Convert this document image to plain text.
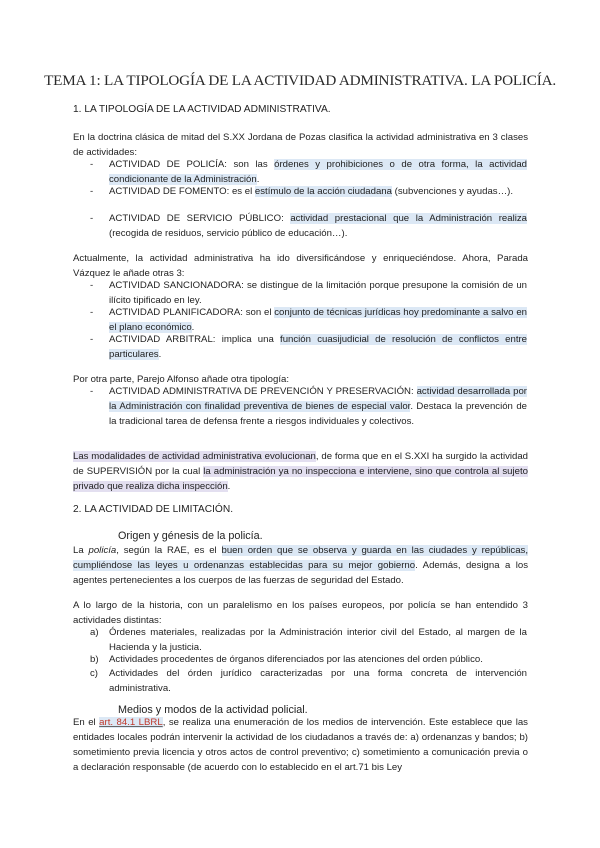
TEMA 1: LA TIPOLOGÍA DE LA ACTIVIDAD ADMINISTRATIVA. LA POLICÍA.
1. LA TIPOLOGÍA DE LA ACTIVIDAD ADMINISTRATIVA.
En la doctrina clásica de mitad del S.XX Jordana de Pozas clasifica la actividad administrativa en 3 clases de actividades:
- ACTIVIDAD DE POLICÍA: son las órdenes y prohibiciones o de otra forma, la actividad condicionante de la Administración.
- ACTIVIDAD DE FOMENTO: es el estímulo de la acción ciudadana (subvenciones y ayudas…).
- ACTIVIDAD DE SERVICIO PÚBLICO: actividad prestacional que la Administración realiza (recogida de residuos, servicio público de educación…).
Actualmente, la actividad administrativa ha ido diversificándose y enriqueciéndose. Ahora, Parada Vázquez le añade otras 3:
- ACTIVIDAD SANCIONADORA: se distingue de la limitación porque presupone la comisión de un ilícito tipificado en ley.
- ACTIVIDAD PLANIFICADORA: son el conjunto de técnicas jurídicas hoy predominante a salvo en el plano económico.
- ACTIVIDAD ARBITRAL: implica una función cuasijudicial de resolución de conflictos entre particulares.
Por otra parte, Parejo Alfonso añade otra tipología:
- ACTIVIDAD ADMINISTRATIVA DE PREVENCIÓN Y PRESERVACIÓN: actividad desarrollada por la Administración con finalidad preventiva de bienes de especial valor. Destaca la prevención de la tradicional tarea de defensa frente a riesgos individuales y colectivos.
Las modalidades de actividad administrativa evolucionan, de forma que en el S.XXI ha surgido la actividad de SUPERVISIÓN por la cual la administración ya no inspecciona e interviene, sino que controla al sujeto privado que realiza dicha inspección.
2. LA ACTIVIDAD DE LIMITACIÓN.
Origen y génesis de la policía.
La policía, según la RAE, es el buen orden que se observa y guarda en las ciudades y repúblicas, cumpliéndose las leyes u ordenanzas establecidas para su mejor gobierno. Además, designa a los agentes pertenecientes a los cuerpos de las fuerzas de seguridad del Estado.
A lo largo de la historia, con un paralelismo en los países europeos, por policía se han entendido 3 actividades distintas:
a) Órdenes materiales, realizadas por la Administración interior civil del Estado, al margen de la Hacienda y la justicia.
b) Actividades procedentes de órganos diferenciados por las atenciones del orden público.
c) Actividades del órden jurídico caracterizadas por una forma concreta de intervención administrativa.
Medios y modos de la actividad policial.
En el art. 84.1 LBRL, se realiza una enumeración de los medios de intervención. Este establece que las entidades locales podrán intervenir la actividad de los ciudadanos a través de: a) ordenanzas y bandos; b) sometimiento previa licencia y otros actos de control preventivo; c) sometimiento a comunicación previa o a declaración responsable (de acuerdo con lo establecido en el art.71 bis Ley
